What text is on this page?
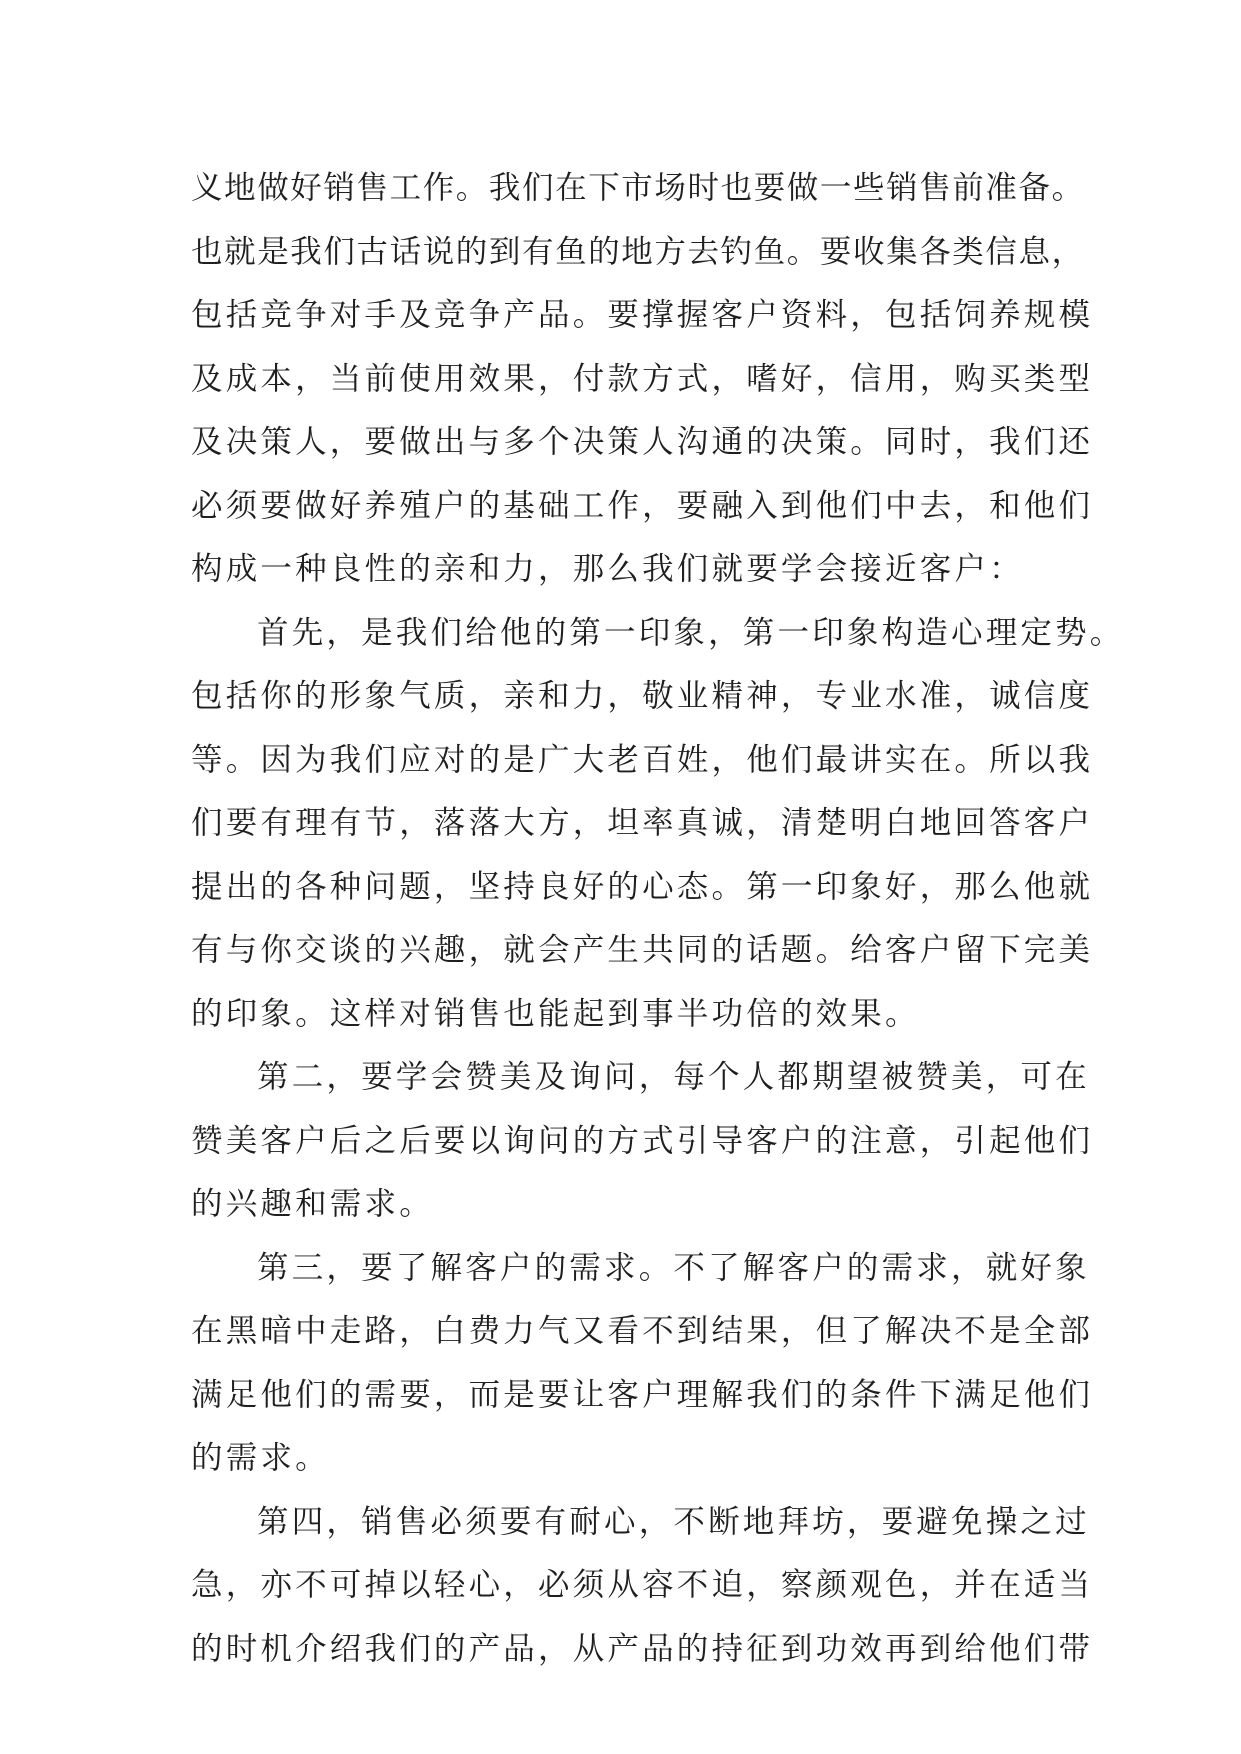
义地做好销售工作。我们在下市场时也要做一些销售前准备。
也就是我们古话说的到有鱼的地方去钓鱼。要收集各类信息，
包括竞争对手及竞争产品。要撑握客户资料，包括饲养规模
及成本，当前使用效果，付款方式，嗜好，信用，购买类型
及决策人，要做出与多个决策人沟通的决策。同时，我们还
必须要做好养殖户的基础工作，要融入到他们中去，和他们
构成一种良性的亲和力，那么我们就要学会接近客户：
首先，是我们给他的第一印象，第一印象构造心理定势。
包括你的形象气质，亲和力，敬业精神，专业水准，诚信度
等。因为我们应对的是广大老百姓，他们最讲实在。所以我
们要有理有节，落落大方，坦率真诚，清楚明白地回答客户
提出的各种问题，坚持良好的心态。第一印象好，那么他就
有与你交谈的兴趣，就会产生共同的话题。给客户留下完美
的印象。这样对销售也能起到事半功倍的效果。
第二，要学会赞美及询问，每个人都期望被赞美，可在
赞美客户后之后要以询问的方式引导客户的注意，引起他们
的兴趣和需求。
第三，要了解客户的需求。不了解客户的需求，就好象
在黑暗中走路，白费力气又看不到结果，但了解决不是全部
满足他们的需要，而是要让客户理解我们的条件下满足他们
的需求。
第四，销售必须要有耐心，不断地拜坊，要避免操之过
急，亦不可掉以轻心，必须从容不迫，察颜观色，并在适当
的时机介绍我们的产品，从产品的持征到功效再到给他们带
